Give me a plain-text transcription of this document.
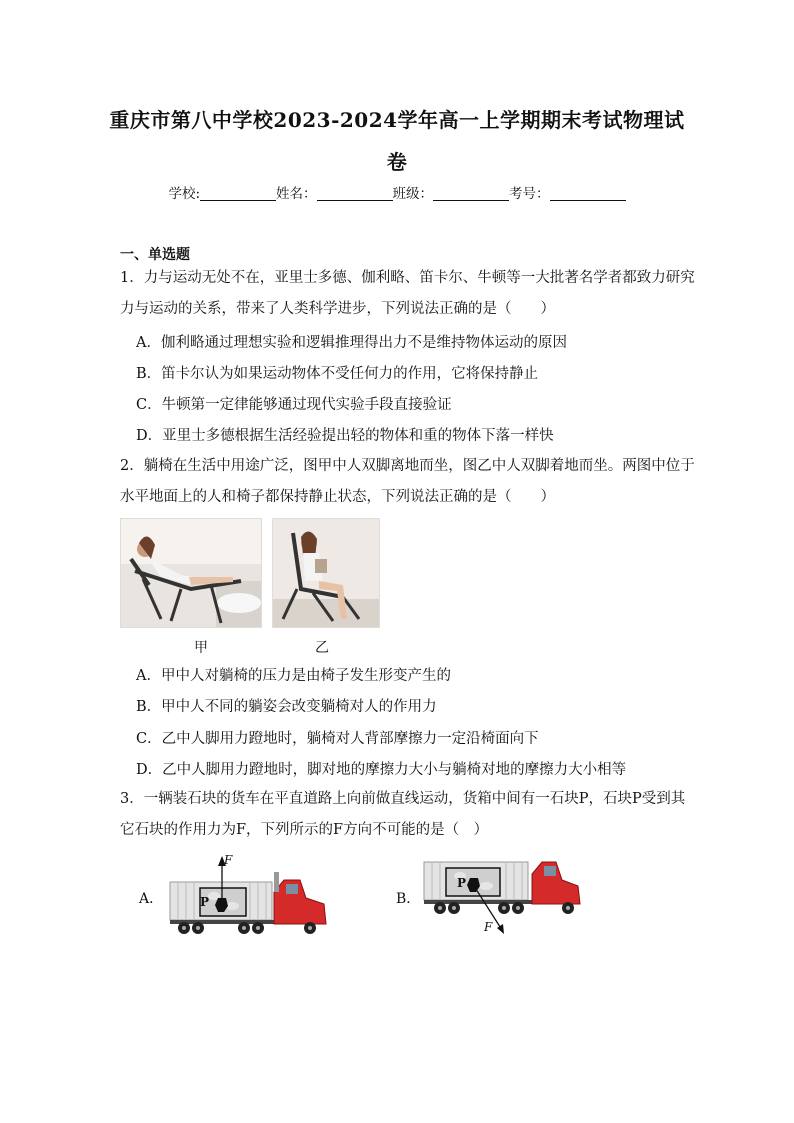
重庆市第八中学校2023-2024学年高一上学期期末考试物理试
卷
学校:	姓名：	班级：	考号：
一、单选题
1．力与运动无处不在，亚里士多德、伽利略、笛卡尔、牛顿等一大批著名学者都致力研究
力与运动的关系，带来了人类科学进步，下列说法正确的是（　　）
A．伽利略通过理想实验和逻辑推理得出力不是维持物体运动的原因
B．笛卡尔认为如果运动物体不受任何力的作用，它将保持静止
C．牛顿第一定律能够通过现代实验手段直接验证
D．亚里士多德根据生活经验提出轻的物体和重的物体下落一样快
2．躺椅在生活中用途广泛，图甲中人双脚离地而坐，图乙中人双脚着地而坐。两图中位于
水平地面上的人和椅子都保持静止状态，下列说法正确的是（　　）
甲	乙
A．甲中人对躺椅的压力是由椅子发生形变产生的
B．甲中人不同的躺姿会改变躺椅对人的作用力
C．乙中人脚用力蹬地时，躺椅对人背部摩擦力一定沿椅面向下
D．乙中人脚用力蹬地时，脚对地的摩擦力大小与躺椅对地的摩擦力大小相等
3．一辆装石块的货车在平直道路上向前做直线运动，货箱中间有一石块P，石块P受到其
它石块的作用力为F，下列所示的F方向不可能的是（　）
A．	P
F
B．
P
F
